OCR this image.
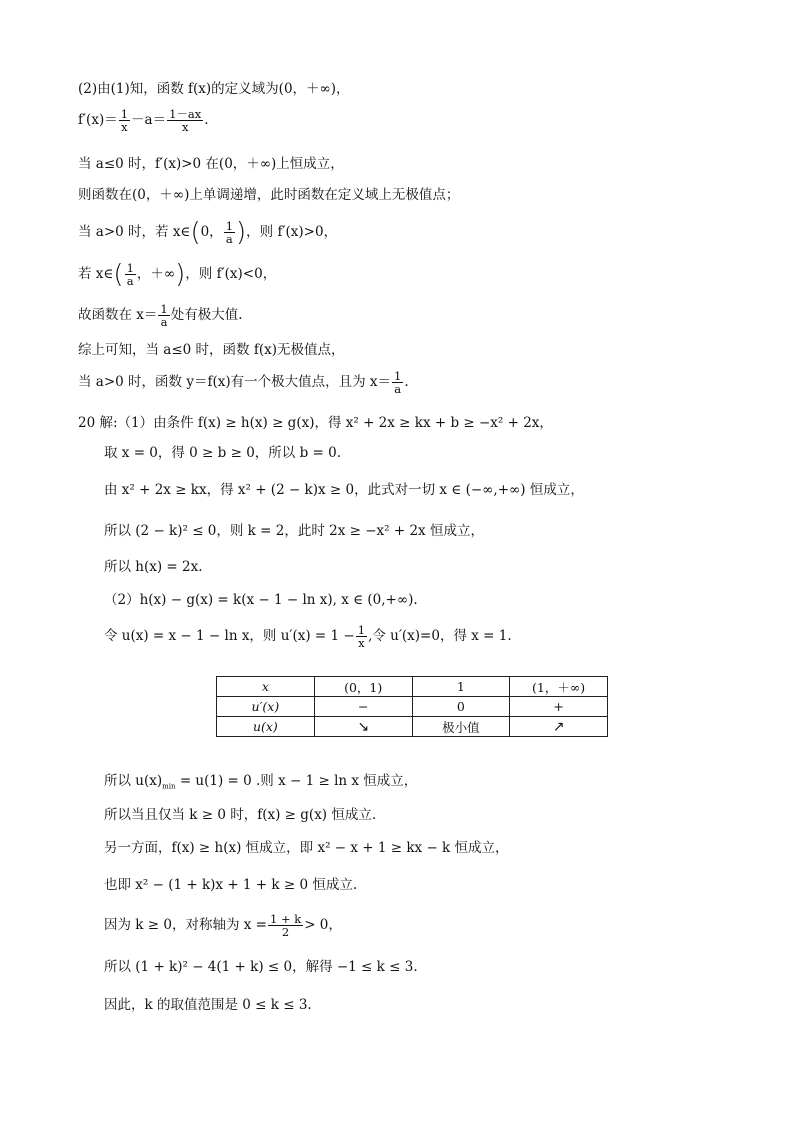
(2)由(1)知，函数 f(x)的定义域为(0，＋∞)，
$f'(x)= \frac{1}{x} -a= \frac{1-ax}{x}$ .
当 a≤0 时，f′(x)>0 在(0，＋∞)上恒成立，
则函数在(0，＋∞)上单调递增，此时函数在定义域上无极值点；
当 a>0 时，若 x∈(0， $\frac{1}{a}$ )，则 f′(x)>0，
若 x∈( $\frac{1}{a}$ ，＋∞)，则 f′(x)<0，
故函数在 $x= \frac{1}{a}$ 处有极大值.
综上可知，当 a≤0 时，函数 f(x)无极值点，
当 a>0 时，函数 y＝f(x)有一个极大值点，且为 $x= \frac{1}{a}$ .
20 解:（1）由条件 f(x) ≥ h(x) ≥ g(x)，得 x² + 2x ≥ kx + b ≥ −x² + 2x，
取 x = 0，得 0 ≥ b ≥ 0，所以 b = 0.
由 x² + 2x ≥ kx，得 x² + (2 − k)x ≥ 0，此式对一切 x ∈ (−∞,+∞) 恒成立，
所以 (2 − k)² ≤ 0，则 k = 2，此时 2x ≥ −x² + 2x 恒成立，
所以 h(x) = 2x.
（2）h(x) − g(x) = k(x − 1 − ln x), x ∈ (0,+∞).
令 u(x) = x − 1 − ln x，则 $u'(x) = 1 - \frac{1}{x}$ ,令 u′(x)=0，得 x = 1.
x	(0，1)	1	(1，＋∞)
u′(x)	−	0	+
u(x)	↘	极小值	↗
所以 $u(x)_{min} = u(1) = 0$ .则 x − 1 ≥ ln x 恒成立，
所以当且仅当 k ≥ 0 时，f(x) ≥ g(x) 恒成立.
另一方面，f(x) ≥ h(x) 恒成立，即 x² − x + 1 ≥ kx − k 恒成立，
也即 x² − (1 + k)x + 1 + k ≥ 0 恒成立.
因为 k ≥ 0，对称轴为 $x = \frac{1 + k}{2} > 0$，
所以 (1 + k)² − 4(1 + k) ≤ 0，解得 −1 ≤ k ≤ 3.
因此，k 的取值范围是 0 ≤ k ≤ 3.
